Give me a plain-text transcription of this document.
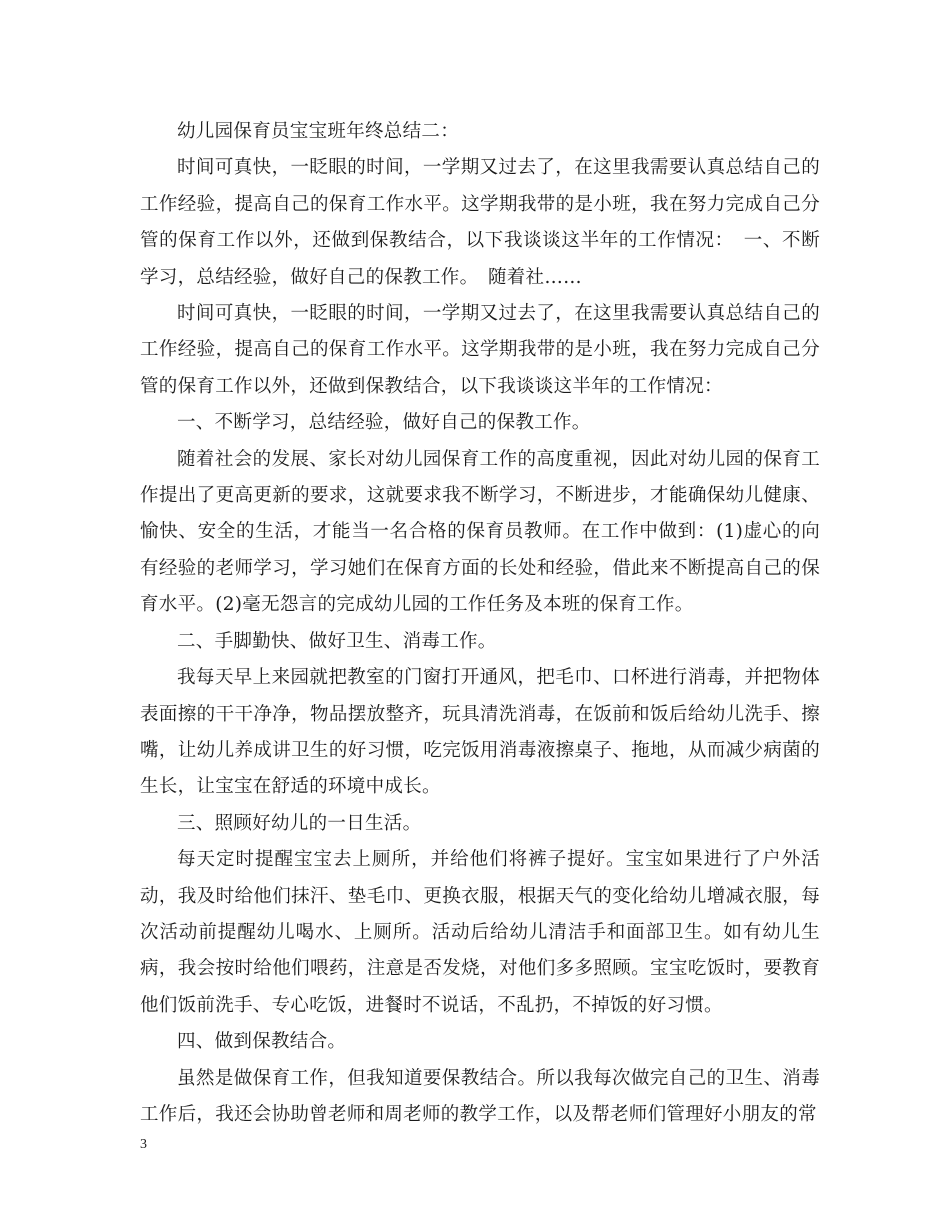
幼儿园保育员宝宝班年终总结二：

时间可真快，一眨眼的时间，一学期又过去了，在这里我需要认真总结自己的工作经验，提高自己的保育工作水平。这学期我带的是小班，我在努力完成自己分管的保育工作以外，还做到保教结合，以下我谈谈这半年的工作情况：　一、不断学习，总结经验，做好自己的保教工作。　随着社……

时间可真快，一眨眼的时间，一学期又过去了，在这里我需要认真总结自己的工作经验，提高自己的保育工作水平。这学期我带的是小班，我在努力完成自己分管的保育工作以外，还做到保教结合，以下我谈谈这半年的工作情况：

一、不断学习，总结经验，做好自己的保教工作。

随着社会的发展、家长对幼儿园保育工作的高度重视，因此对幼儿园的保育工作提出了更高更新的要求，这就要求我不断学习，不断进步，才能确保幼儿健康、愉快、安全的生活，才能当一名合格的保育员教师。在工作中做到：(1)虚心的向有经验的老师学习，学习她们在保育方面的长处和经验，借此来不断提高自己的保育水平。(2)毫无怨言的完成幼儿园的工作任务及本班的保育工作。

二、手脚勤快、做好卫生、消毒工作。

我每天早上来园就把教室的门窗打开通风，把毛巾、口杯进行消毒，并把物体表面擦的干干净净，物品摆放整齐，玩具清洗消毒，在饭前和饭后给幼儿洗手、擦嘴，让幼儿养成讲卫生的好习惯，吃完饭用消毒液擦桌子、拖地，从而减少病菌的生长，让宝宝在舒适的环境中成长。

三、照顾好幼儿的一日生活。

每天定时提醒宝宝去上厕所，并给他们将裤子提好。宝宝如果进行了户外活动，我及时给他们抹汗、垫毛巾、更换衣服，根据天气的变化给幼儿增减衣服，每次活动前提醒幼儿喝水、上厕所。活动后给幼儿清洁手和面部卫生。如有幼儿生病，我会按时给他们喂药，注意是否发烧，对他们多多照顾。宝宝吃饭时，要教育他们饭前洗手、专心吃饭，进餐时不说话，不乱扔，不掉饭的好习惯。

四、做到保教结合。

虽然是做保育工作，但我知道要保教结合。所以我每次做完自己的卫生、消毒工作后，我还会协助曾老师和周老师的教学工作，以及帮老师们管理好小朋友的常

3
